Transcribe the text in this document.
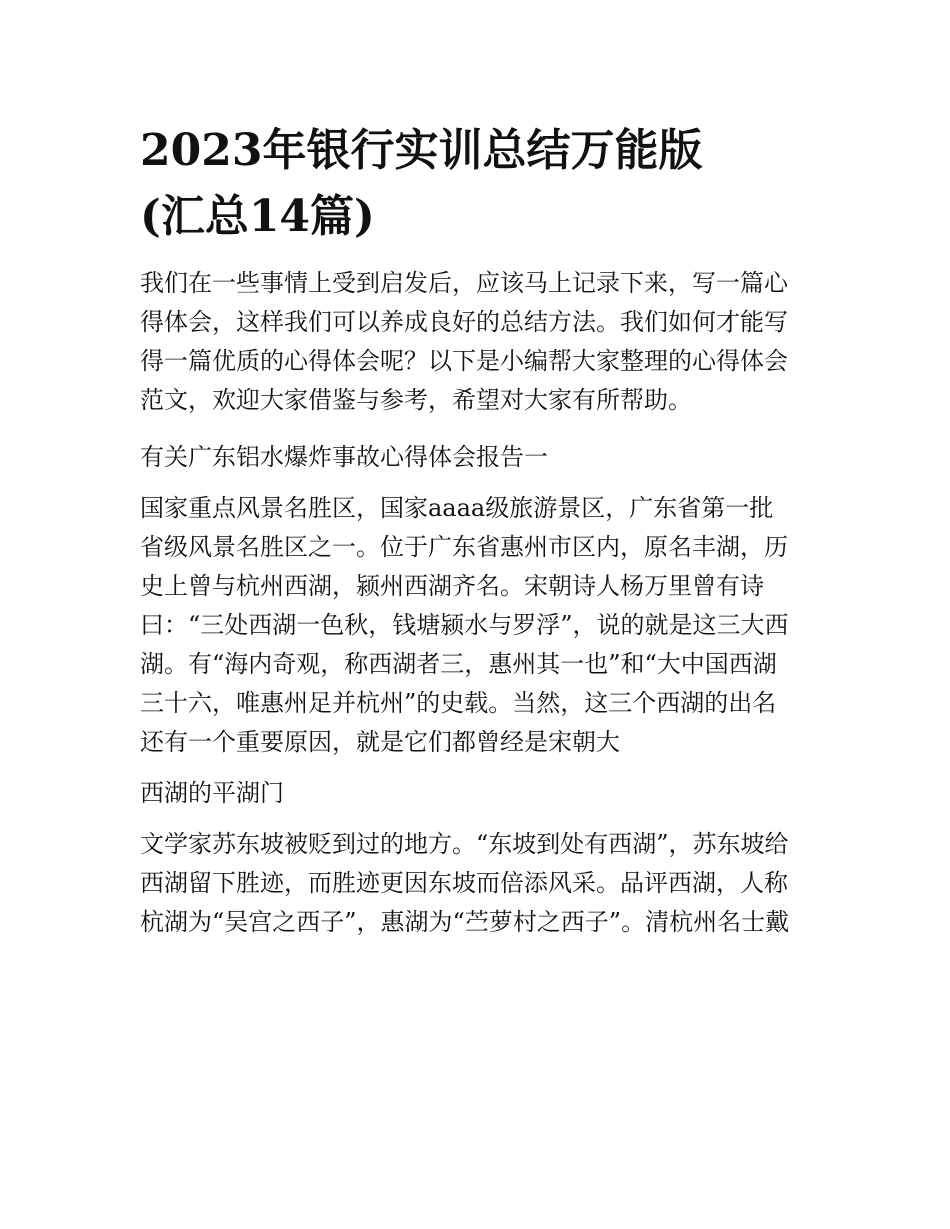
2023年银行实训总结万能版
(汇总14篇)

我们在一些事情上受到启发后，应该马上记录下来，写一篇心
得体会，这样我们可以养成良好的总结方法。我们如何才能写
得一篇优质的心得体会呢？以下是小编帮大家整理的心得体会
范文，欢迎大家借鉴与参考，希望对大家有所帮助。

有关广东铝水爆炸事故心得体会报告一

国家重点风景名胜区，国家aaaa级旅游景区，广东省第一批
省级风景名胜区之一。位于广东省惠州市区内，原名丰湖，历
史上曾与杭州西湖，颍州西湖齐名。宋朝诗人杨万里曾有诗
曰：“三处西湖一色秋，钱塘颍水与罗浮”，说的就是这三大西
湖。有“海内奇观，称西湖者三，惠州其一也”和“大中国西湖
三十六，唯惠州足并杭州”的史载。当然，这三个西湖的出名
还有一个重要原因，就是它们都曾经是宋朝大

西湖的平湖门

文学家苏东坡被贬到过的地方。“东坡到处有西湖”，苏东坡给
西湖留下胜迹，而胜迹更因东坡而倍添风采。品评西湖，人称
杭湖为“吴宫之西子”，惠湖为“苎萝村之西子”。清杭州名士戴
